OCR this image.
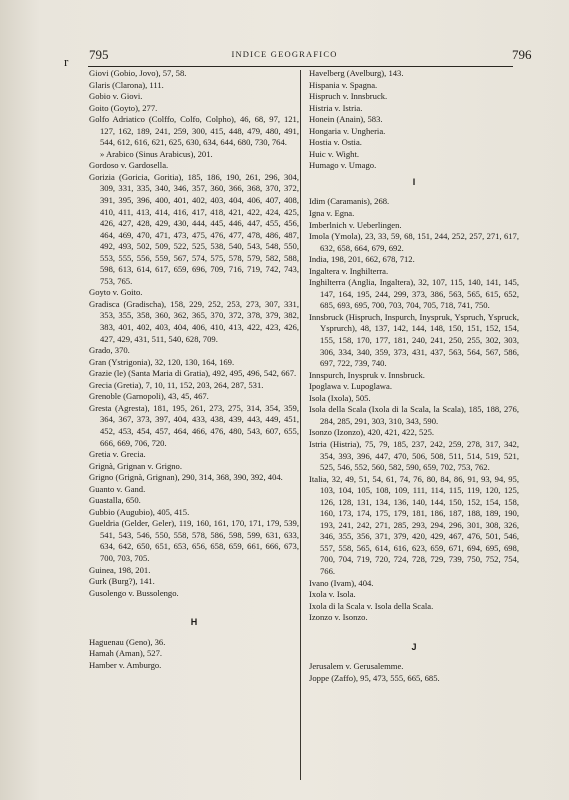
r 795	INDICE GEOGRAFICO	796

Giovi (Gobio, Jovo), 57, 58.

Glaris (Clarona), 111.

Gobio v. Giovi.

Goito (Goyto), 277.

Golfo Adriatico (Colffo, Colfo, Colpho), 46, 68, 97, 121, 127, 162, 189, 241, 259, 300, 415, 448, 479, 480, 491, 544, 612, 616, 621, 625, 630, 634, 644, 680, 730, 764.

» Arabico (Sinus Arabicus), 201.

Gordoso v. Gardosella.

Gorizia (Goricia, Goritia), 185, 186, 190, 261, 296, 304, 309, 331, 335, 340, 346, 357, 360, 366, 368, 370, 372, 391, 395, 396, 400, 401, 402, 403, 404, 406, 407, 408, 410, 411, 413, 414, 416, 417, 418, 421, 422, 424, 425, 426, 427, 428, 429, 430, 444, 445, 446, 447, 455, 456, 464, 469, 470, 471, 473, 475, 476, 477, 478, 486, 487, 492, 493, 502, 509, 522, 525, 538, 540, 543, 548, 550, 553, 555, 556, 559, 567, 574, 575, 578, 579, 582, 588, 598, 613, 614, 617, 659, 696, 709, 716, 719, 742, 743, 753, 765.

Goyto v. Goito.

Gradisca (Gradischa), 158, 229, 252, 253, 273, 307, 331, 353, 355, 358, 360, 362, 365, 370, 372, 378, 379, 382, 383, 401, 402, 403, 404, 406, 410, 413, 422, 423, 426, 427, 429, 431, 511, 540, 628, 709.

Grado, 370.

Gran (Ystrigonia), 32, 120, 130, 164, 169.

Grazie (le) (Santa Maria di Gratia), 492, 495, 496, 542, 667.

Grecia (Gretia), 7, 10, 11, 152, 203, 264, 287, 531.

Grenoble (Garnopoli), 43, 45, 467.

Gresta (Agresta), 181, 195, 261, 273, 275, 314, 354, 359, 364, 367, 373, 397, 404, 433, 438, 439, 443, 449, 451, 452, 453, 454, 457, 464, 466, 476, 480, 543, 607, 655, 666, 669, 706, 720.

Gretia v. Grecia.

Grignà, Grignan v. Grigno.

Grigno (Grignà, Grignan), 290, 314, 368, 390, 392, 404.

Guanto v. Gand.

Guastalla, 650.

Gubbio (Augubio), 405, 415.

Gueldria (Gelder, Geler), 119, 160, 161, 170, 171, 179, 539, 541, 543, 546, 550, 558, 578, 586, 598, 599, 631, 633, 634, 642, 650, 651, 653, 656, 658, 659, 661, 666, 673, 700, 703, 705.

Guinea, 198, 201.

Gurk (Burg?), 141.

Gusolengo v. Bussolengo.

H

Haguenau (Geno), 36.

Hamah (Aman), 527.

Hamber v. Amburgo.

Havelberg (Avelburg), 143.

Hispania v. Spagna.

Hispruch v. Innsbruck.

Histria v. Istria.

Honein (Anain), 583.

Hongaria v. Ungheria.

Hostia v. Ostia.

Huic v. Wight.

Humago v. Umago.

I

Idim (Caramanis), 268.

Igna v. Egna.

Imberlnich v. Ueberlingen.

Imola (Ymola), 23, 33, 59, 68, 151, 244, 252, 257, 271, 617, 632, 658, 664, 679, 692.

India, 198, 201, 662, 678, 712.

Ingaltera v. Inghilterra.

Inghilterra (Anglia, Ingaltera), 32, 107, 115, 140, 141, 145, 147, 164, 195, 244, 299, 373, 386, 563, 565, 615, 652, 685, 693, 695, 700, 703, 704, 705, 718, 741, 750.

Innsbruck (Hispruch, Inspurch, Inyspruk, Yspruch, Yspruck, Ysprurch), 48, 137, 142, 144, 148, 150, 151, 152, 154, 155, 158, 170, 177, 181, 240, 241, 250, 255, 302, 303, 306, 334, 340, 359, 373, 431, 437, 563, 564, 567, 586, 697, 722, 739, 740.

Innspurch, Inyspruk v. Innsbruck.

Ipoglawa v. Lupoglawa.

Isola (Ixola), 505.

Isola della Scala (Ixola di la Scala, la Scala), 185, 188, 276, 284, 285, 291, 303, 310, 343, 590.

Isonzo (Izonzo), 420, 421, 422, 525.

Istria (Histria), 75, 79, 185, 237, 242, 259, 278, 317, 342, 354, 393, 396, 447, 470, 506, 508, 511, 514, 519, 521, 525, 546, 552, 560, 582, 590, 659, 702, 753, 762.

Italia, 32, 49, 51, 54, 61, 74, 76, 80, 84, 86, 91, 93, 94, 95, 103, 104, 105, 108, 109, 111, 114, 115, 119, 120, 125, 126, 128, 131, 134, 136, 140, 144, 150, 152, 154, 158, 160, 173, 174, 175, 179, 181, 186, 187, 188, 189, 190, 193, 241, 242, 271, 285, 293, 294, 296, 301, 308, 326, 346, 355, 356, 371, 379, 420, 429, 467, 476, 501, 546, 557, 558, 565, 614, 616, 623, 659, 671, 694, 695, 698, 700, 704, 719, 720, 724, 728, 729, 739, 750, 752, 754, 766.

Ivano (Ivam), 404.

Ixola v. Isola.

Ixola di la Scala v. Isola della Scala.

Izonzo v. Isonzo.

J

Jerusalem v. Gerusalemme.

Joppe (Zaffo), 95, 473, 555, 665, 685.
